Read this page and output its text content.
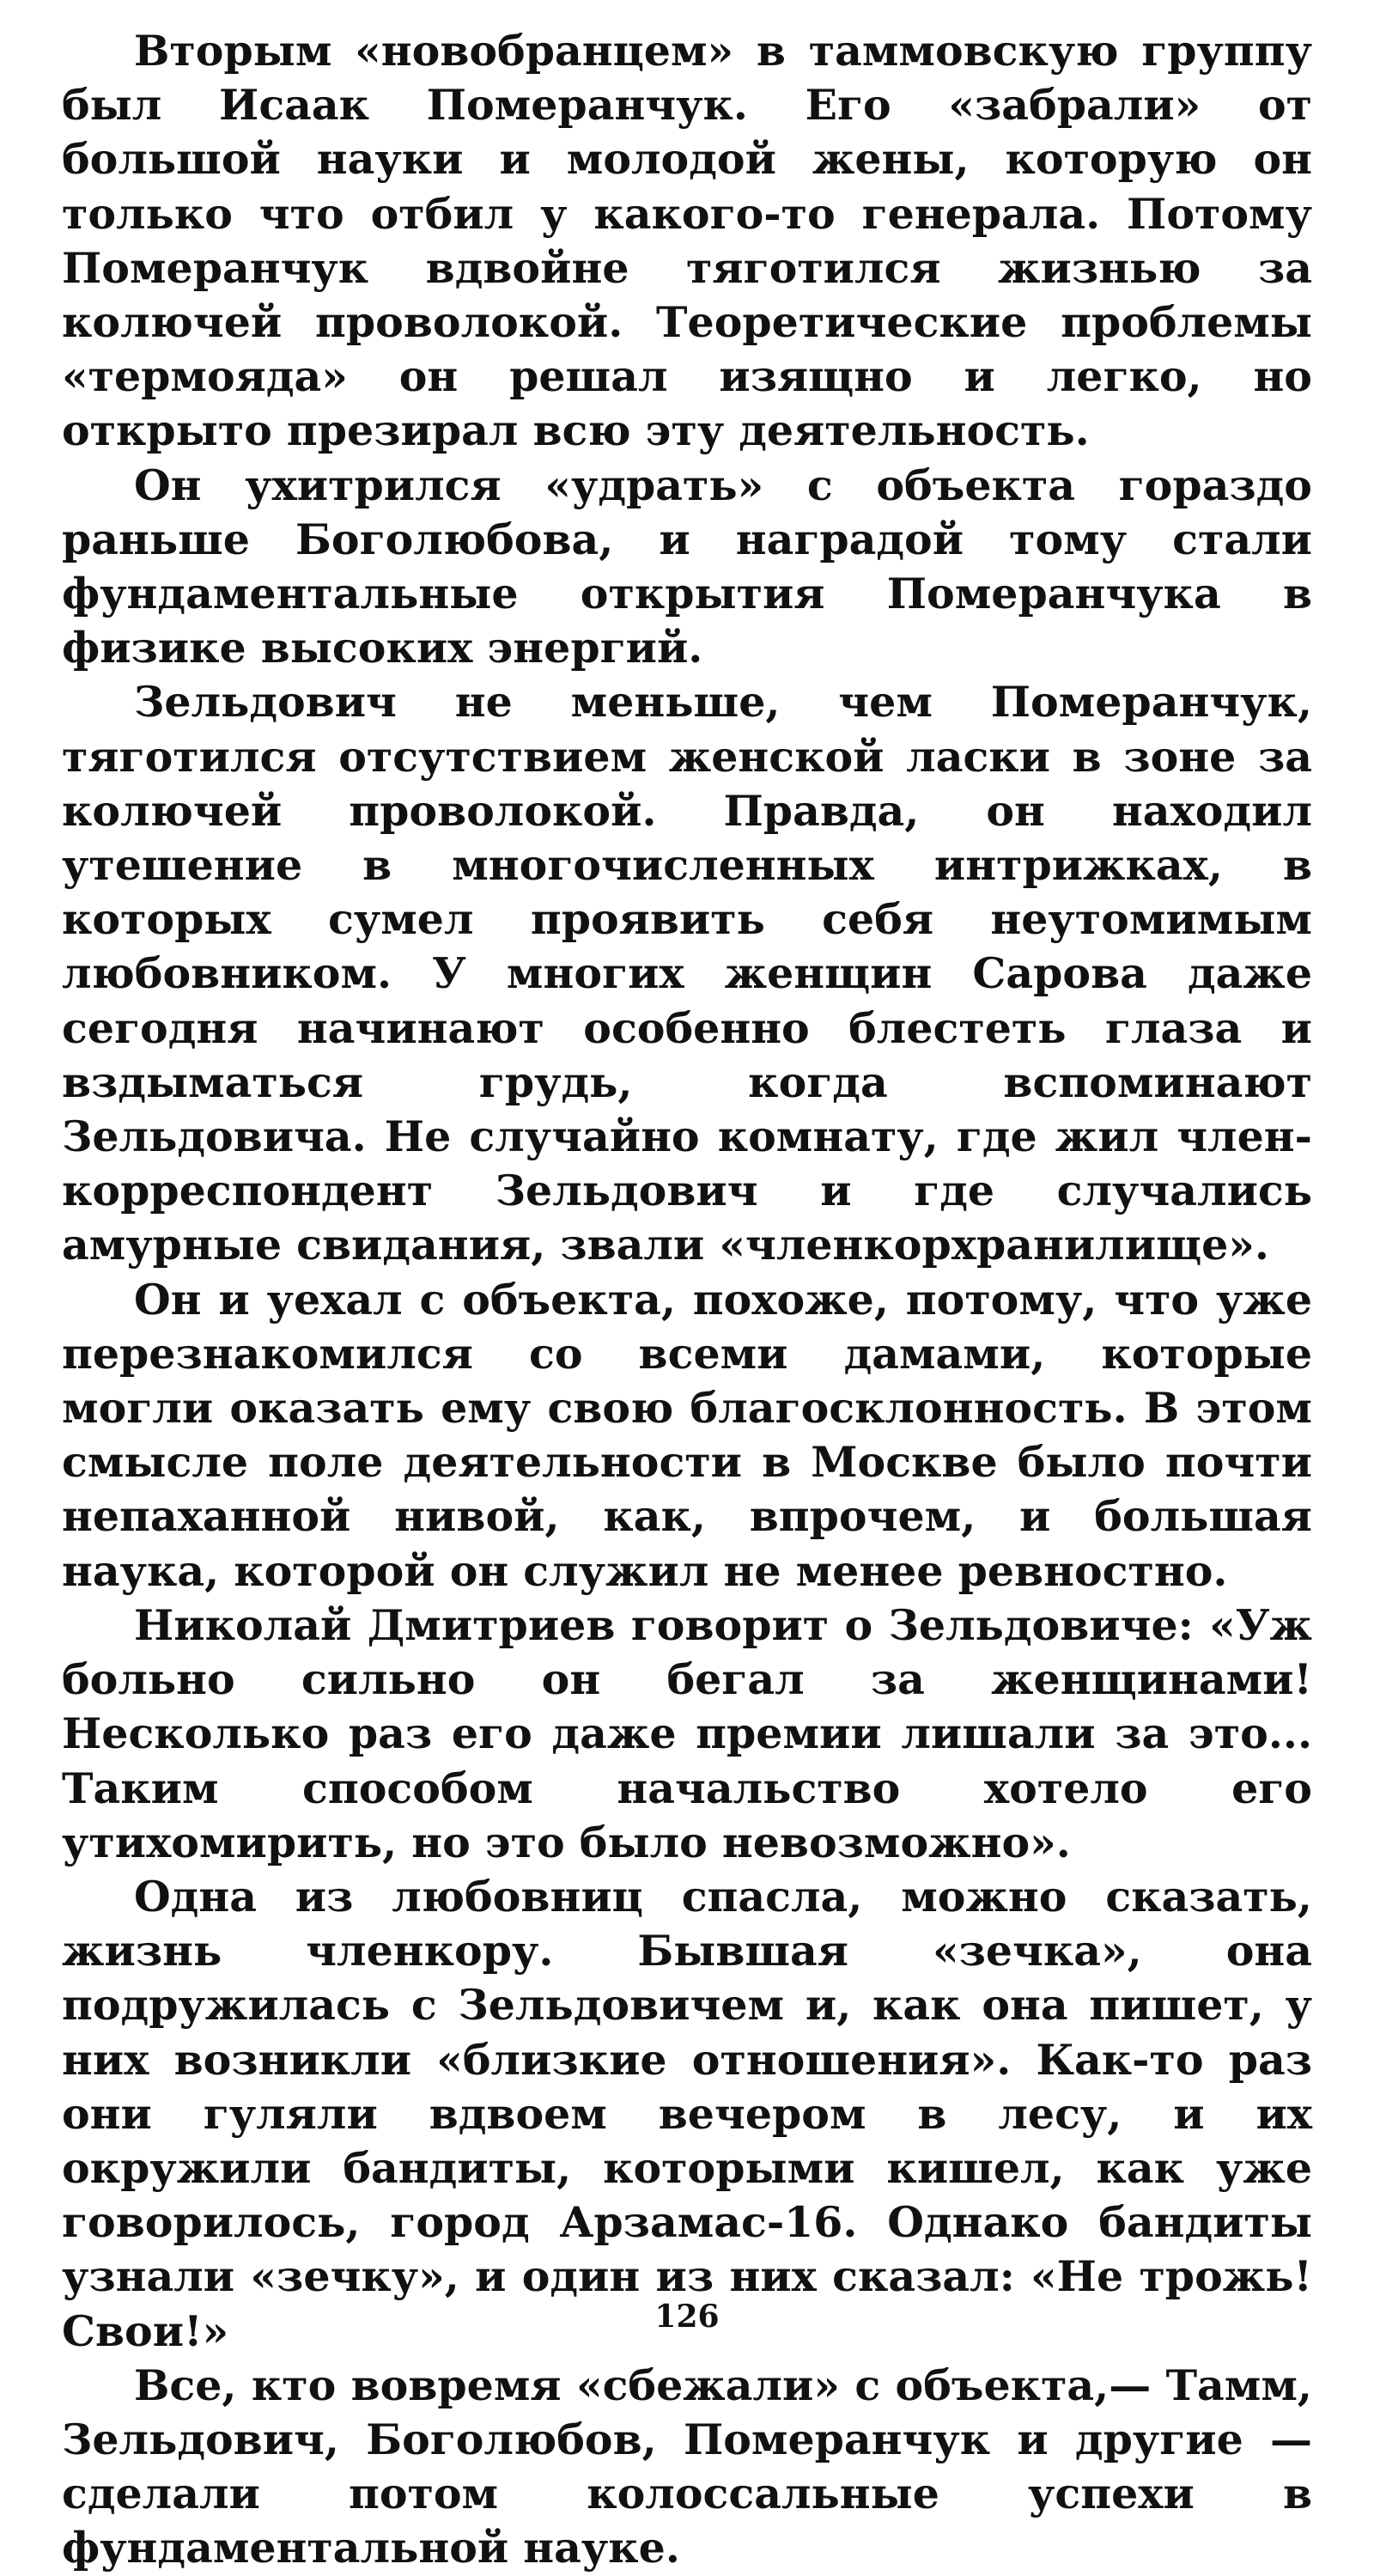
Вторым «новобранцем» в таммовскую группу был Исаак Померанчук. Его «забрали» от большой науки и молодой жены, которую он только что отбил у какого-то генерала. Потому Померанчук вдвойне тяготился жизнью за колючей проволокой. Теоретические проблемы «термояда» он решал изящно и легко, но открыто презирал всю эту деятельность.

Он ухитрился «удрать» с объекта гораздо раньше Боголюбова, и наградой тому стали фундаментальные открытия Померанчука в физике высоких энергий.

Зельдович не меньше, чем Померанчук, тяготился отсутствием женской ласки в зоне за колючей проволокой. Правда, он находил утешение в многочисленных интрижках, в которых сумел проявить себя неутомимым любовником. У многих женщин Сарова даже сегодня начинают особенно блестеть глаза и вздыматься грудь, когда вспоминают Зельдовича. Не случайно комнату, где жил член-корреспондент Зельдович и где случались амурные свидания, звали «членкорхранилище».

Он и уехал с объекта, похоже, потому, что уже перезнакомился со всеми дамами, которые могли оказать ему свою благосклонность. В этом смысле поле деятельности в Москве было почти непаханной нивой, как, впрочем, и большая наука, которой он служил не менее ревностно.

Николай Дмитриев говорит о Зельдовиче: «Уж больно сильно он бегал за женщинами! Несколько раз его даже премии лишали за это... Таким способом начальство хотело его утихомирить, но это было невозможно».

Одна из любовниц спасла, можно сказать, жизнь членкору. Бывшая «зечка», она подружилась с Зельдовичем и, как она пишет, у них возникли «близкие отношения». Как-то раз они гуляли вдвоем вечером в лесу, и их окружили бандиты, которыми кишел, как уже говорилось, город Арзамас-16. Однако бандиты узнали «зечку», и один из них сказал: «Не трожь! Свои!»

Все, кто вовремя «сбежали» с объекта,— Тамм, Зельдович, Боголюбов, Померанчук и другие — сделали потом колоссальные успехи в фундаментальной науке.

126
